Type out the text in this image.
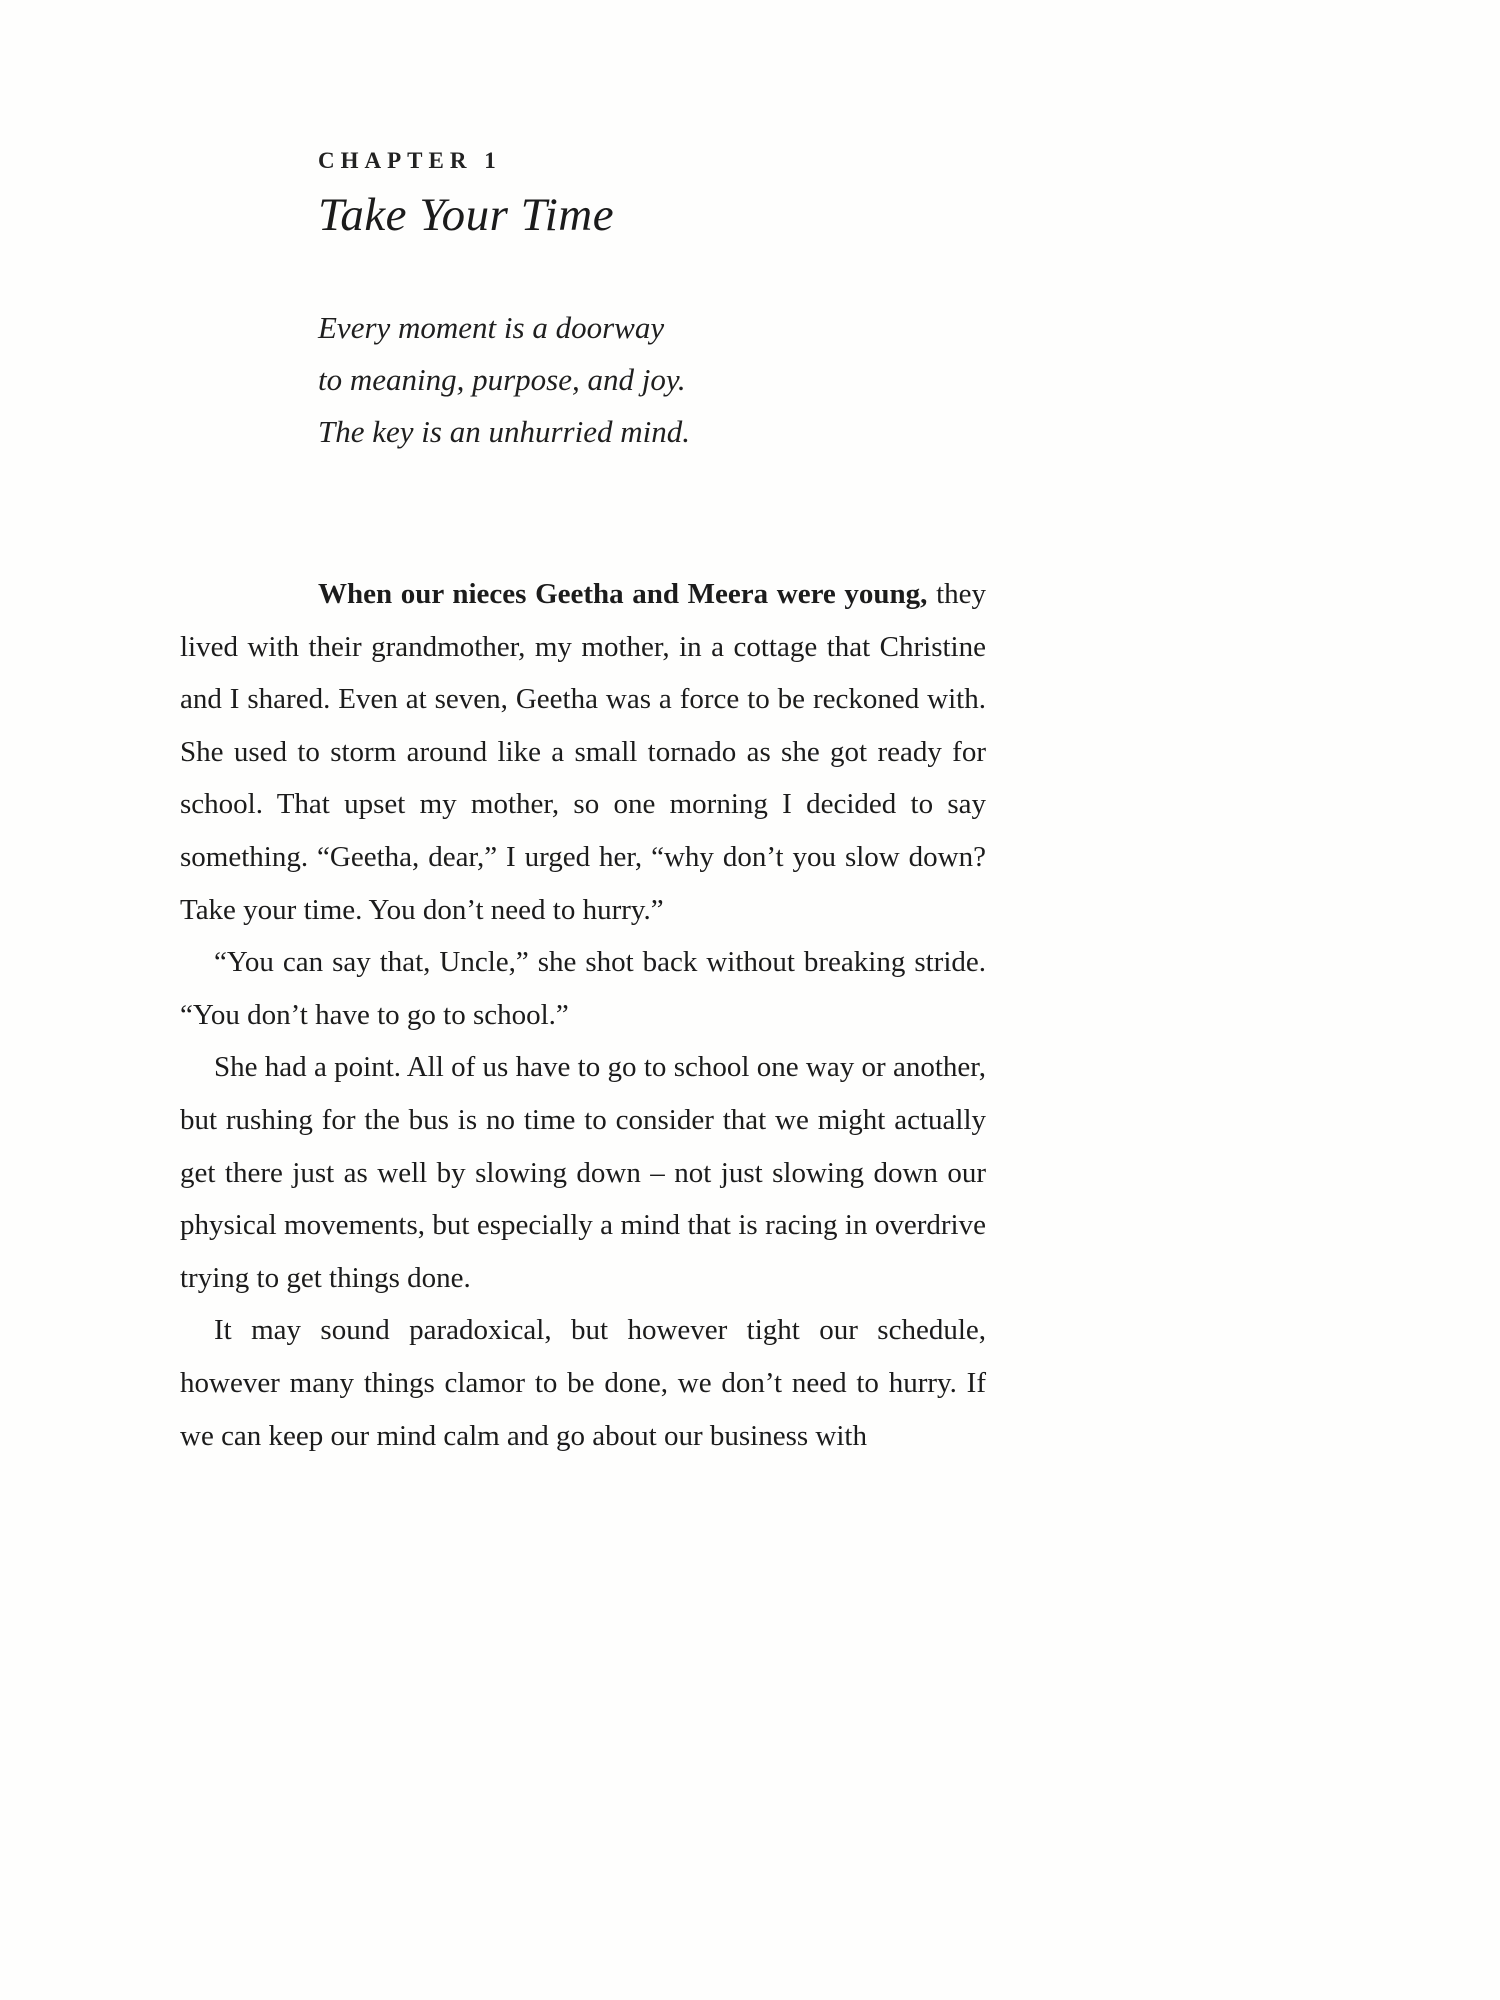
CHAPTER 1
Take Your Time
Every moment is a doorway
to meaning, purpose, and joy.
The key is an unhurried mind.

When our nieces Geetha and Meera were young, they lived with their grandmother, my mother, in a cottage that Christine and I shared. Even at seven, Geetha was a force to be reckoned with. She used to storm around like a small tornado as she got ready for school. That upset my mother, so one morning I decided to say something. “Geetha, dear,” I urged her, “why don’t you slow down? Take your time. You don’t need to hurry.”

“You can say that, Uncle,” she shot back without breaking stride. “You don’t have to go to school.”

She had a point. All of us have to go to school one way or another, but rushing for the bus is no time to consider that we might actually get there just as well by slowing down – not just slowing down our physical movements, but especially a mind that is racing in overdrive trying to get things done.

It may sound paradoxical, but however tight our schedule, however many things clamor to be done, we don’t need to hurry. If we can keep our mind calm and go about our business with
